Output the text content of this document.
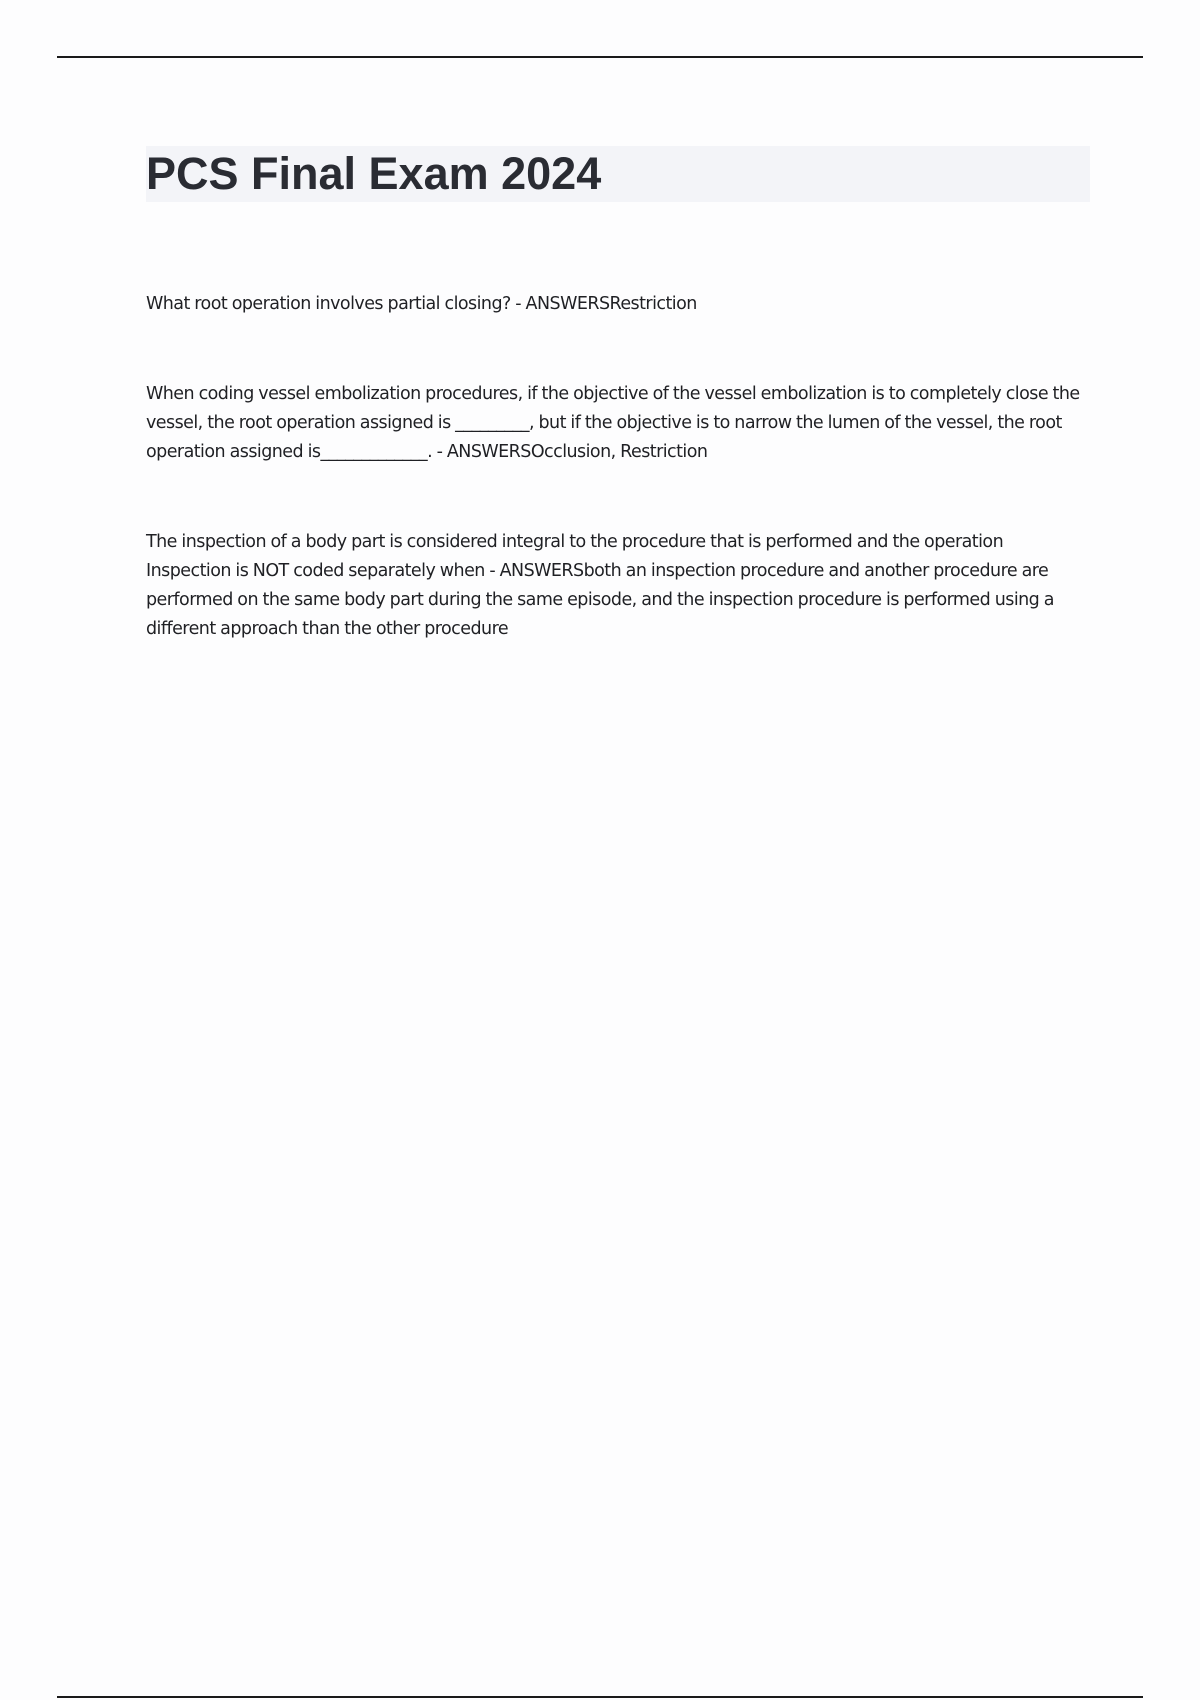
PCS Final Exam 2024

What root operation involves partial closing? - ANSWERSRestriction

When coding vessel embolization procedures, if the objective of the vessel embolization is to completely close the vessel, the root operation assigned is _________, but if the objective is to narrow the lumen of the vessel, the root operation assigned is_____________. - ANSWERSOcclusion, Restriction

The inspection of a body part is considered integral to the procedure that is performed and the operation Inspection is NOT coded separately when - ANSWERSboth an inspection procedure and another procedure are performed on the same body part during the same episode, and the inspection procedure is performed using a different approach than the other procedure
